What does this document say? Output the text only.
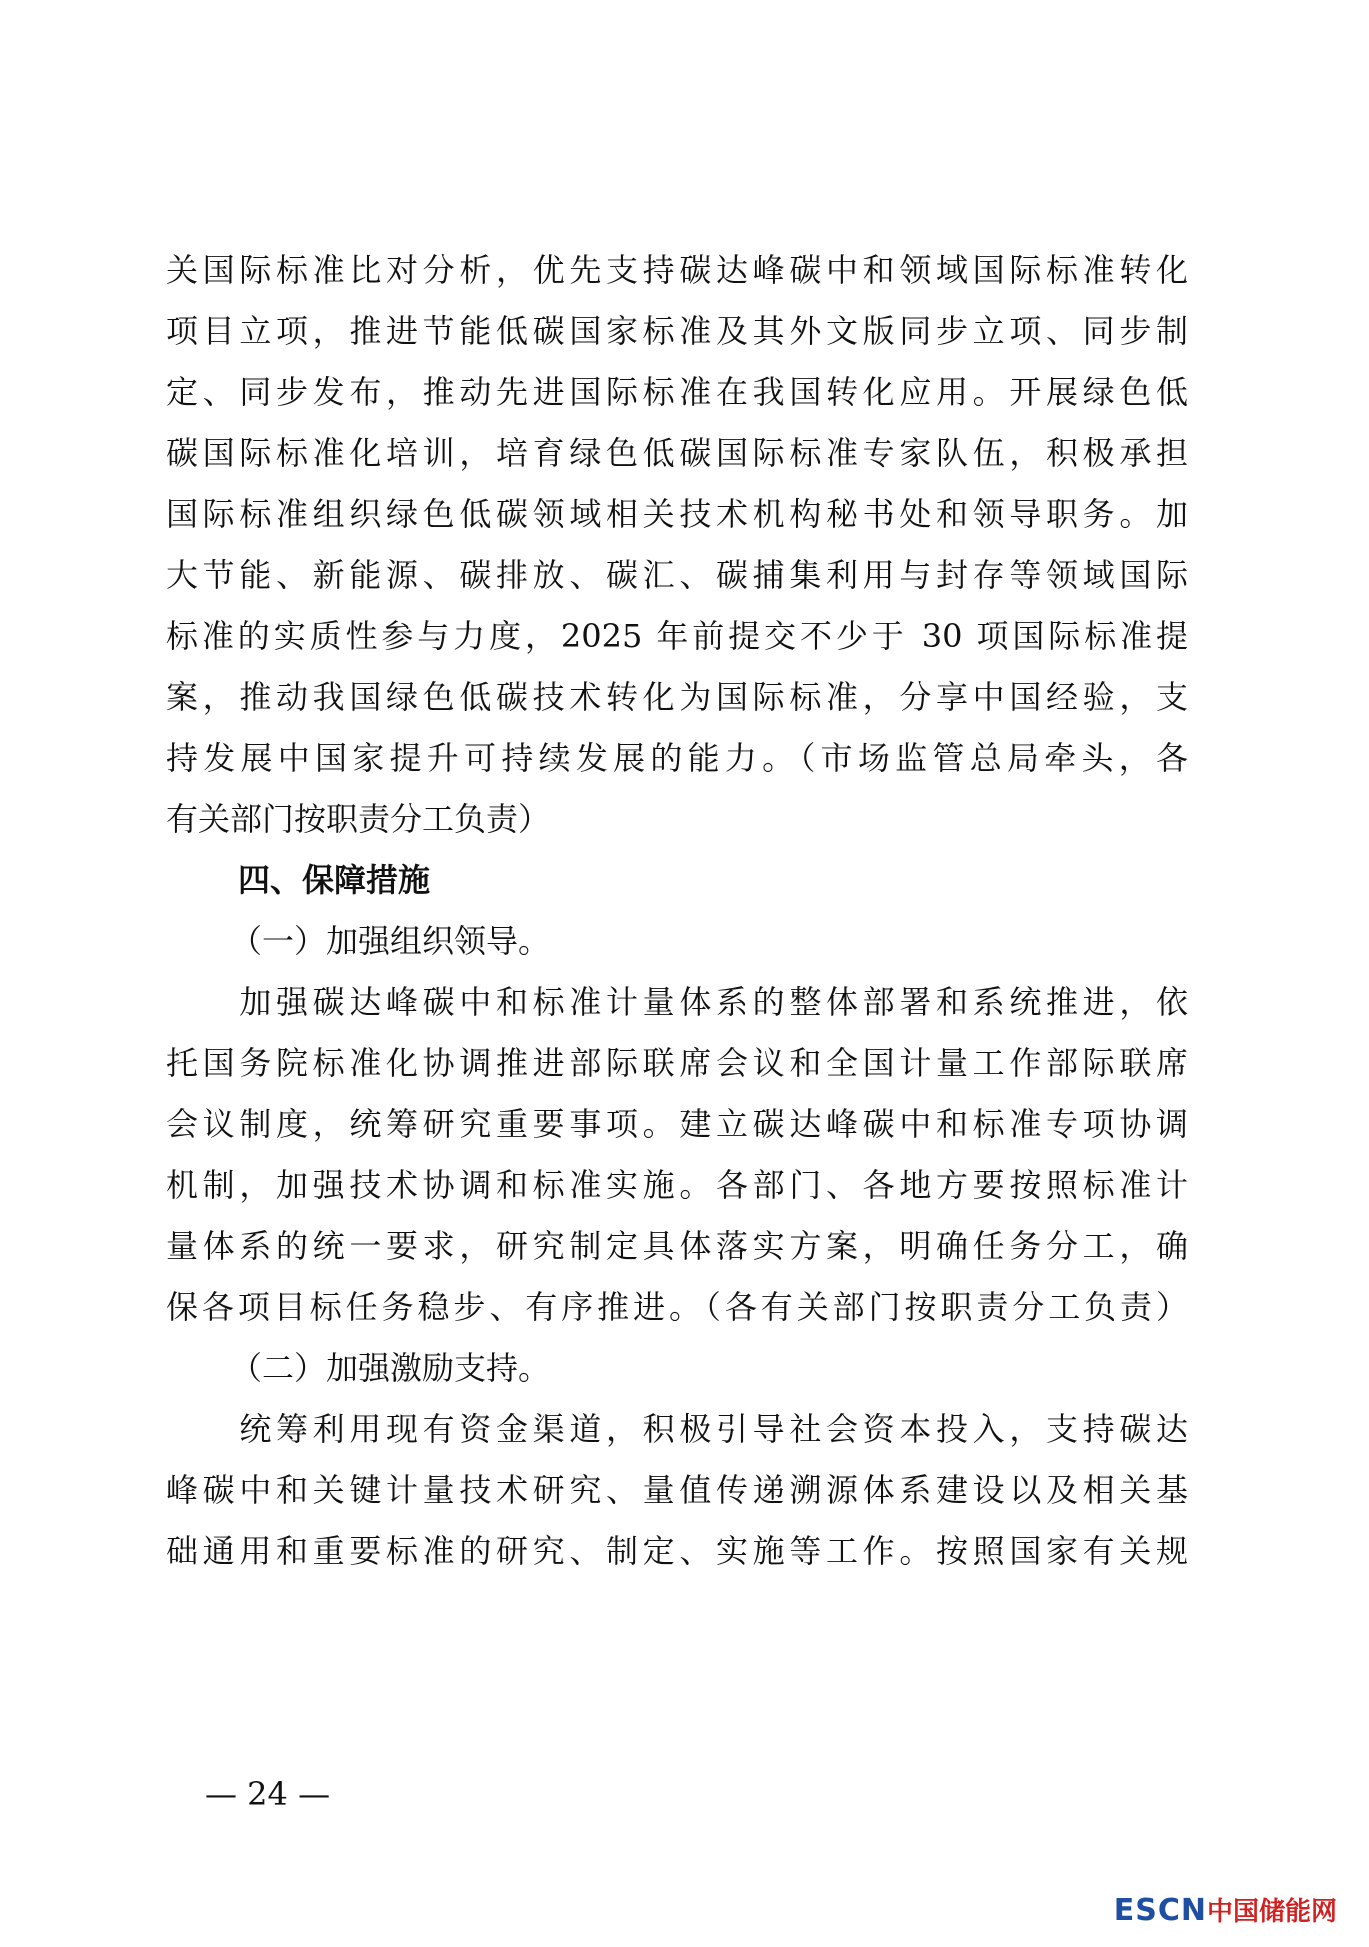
关国际标准比对分析，优先支持碳达峰碳中和领域国际标准转化
项目立项，推进节能低碳国家标准及其外文版同步立项、同步制
定、同步发布，推动先进国际标准在我国转化应用。开展绿色低
碳国际标准化培训，培育绿色低碳国际标准专家队伍，积极承担
国际标准组织绿色低碳领域相关技术机构秘书处和领导职务。加
大节能、新能源、碳排放、碳汇、碳捕集利用与封存等领域国际
标准的实质性参与力度，2025 年前提交不少于 30 项国际标准提
案，推动我国绿色低碳技术转化为国际标准，分享中国经验，支
持发展中国家提升可持续发展的能力。（市场监管总局牵头，各
有关部门按职责分工负责）
四、保障措施
（一）加强组织领导。
　　加强碳达峰碳中和标准计量体系的整体部署和系统推进，依
托国务院标准化协调推进部际联席会议和全国计量工作部际联席
会议制度，统筹研究重要事项。建立碳达峰碳中和标准专项协调
机制，加强技术协调和标准实施。各部门、各地方要按照标准计
量体系的统一要求，研究制定具体落实方案，明确任务分工，确
保各项目标任务稳步、有序推进。（各有关部门按职责分工负责）
（二）加强激励支持。
　　统筹利用现有资金渠道，积极引导社会资本投入，支持碳达
峰碳中和关键计量技术研究、量值传递溯源体系建设以及相关基
础通用和重要标准的研究、制定、实施等工作。按照国家有关规
— 24 —
ESCN中国储能网
